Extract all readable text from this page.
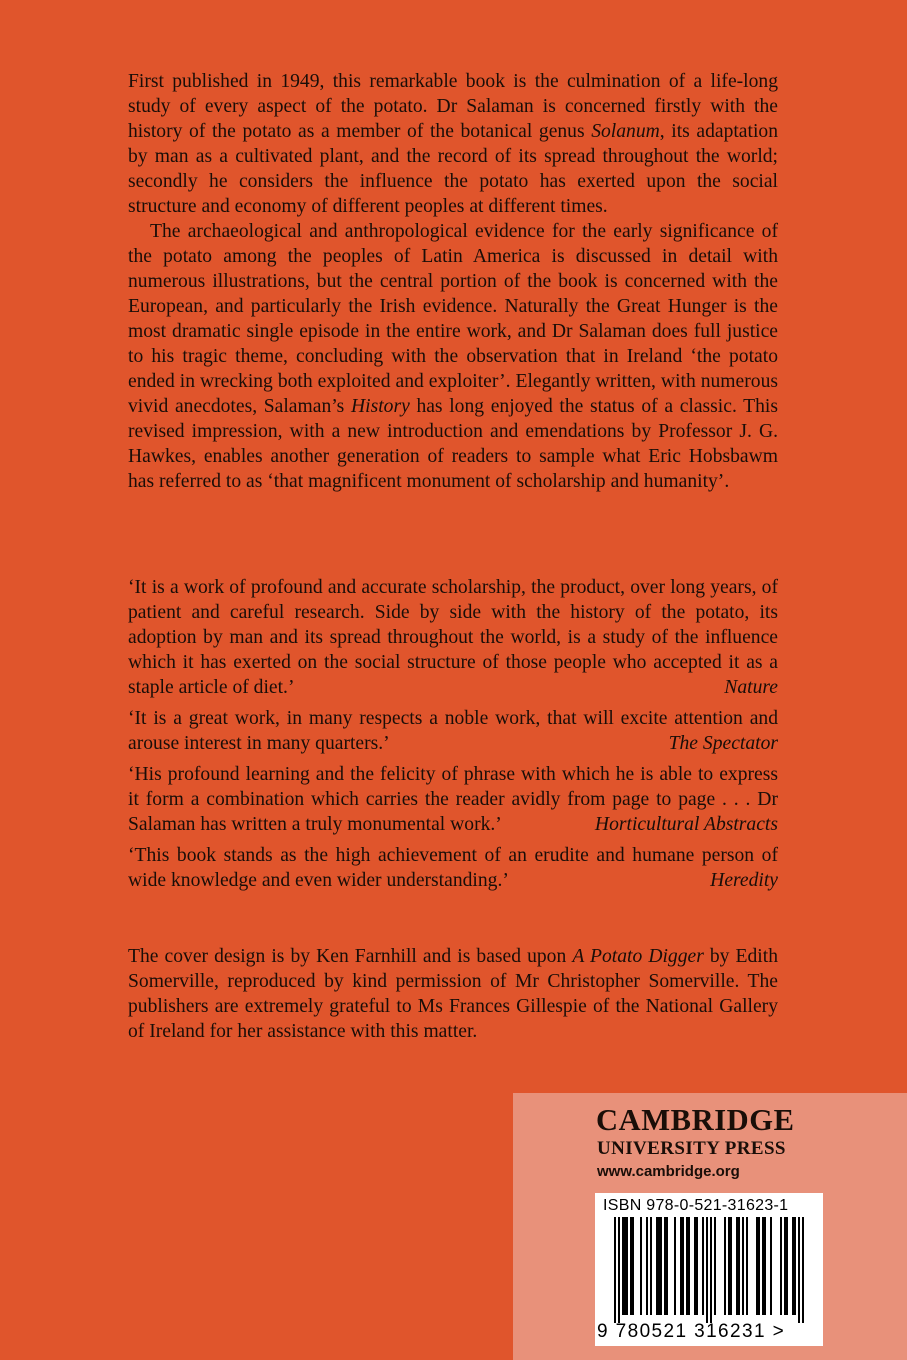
First published in 1949, this remarkable book is the culmination of a life-long study of every aspect of the potato. Dr Salaman is concerned firstly with the history of the potato as a member of the botanical genus Solanum, its adaptation by man as a cultivated plant, and the record of its spread throughout the world; secondly he considers the influence the potato has exerted upon the social structure and economy of different peoples at different times.

The archaeological and anthropological evidence for the early significance of the potato among the peoples of Latin America is discussed in detail with numerous illustrations, but the central portion of the book is concerned with the European, and particularly the Irish evidence. Naturally the Great Hunger is the most dramatic single episode in the entire work, and Dr Salaman does full justice to his tragic theme, concluding with the observation that in Ireland ‘the potato ended in wrecking both exploited and exploiter’. Elegantly written, with numerous vivid anecdotes, Salaman’s History has long enjoyed the status of a classic. This revised impression, with a new introduction and emendations by Professor J. G. Hawkes, enables another generation of readers to sample what Eric Hobsbawm has referred to as ‘that magnificent monument of scholarship and humanity’.

‘It is a work of profound and accurate scholarship, the product, over long years, of patient and careful research. Side by side with the history of the potato, its adoption by man and its spread throughout the world, is a study of the influence which it has exerted on the social structure of those people who accepted it as a staple article of diet.’	Nature
‘It is a great work, in many respects a noble work, that will excite attention and arouse interest in many quarters.’	The Spectator
‘His profound learning and the felicity of phrase with which he is able to express it form a combination which carries the reader avidly from page to page . . . Dr Salaman has written a truly monumental work.’	Horticultural Abstracts
‘This book stands as the high achievement of an erudite and humane person of wide knowledge and even wider understanding.’	Heredity

The cover design is by Ken Farnhill and is based upon A Potato Digger by Edith Somerville, reproduced by kind permission of Mr Christopher Somerville. The publishers are extremely grateful to Ms Frances Gillespie of the National Gallery of Ireland for her assistance with this matter.

CAMBRIDGE

UNIVERSITY PRESS

www.cambridge.org

ISBN 978-0-521-31623-1

9 780521 316231 >
